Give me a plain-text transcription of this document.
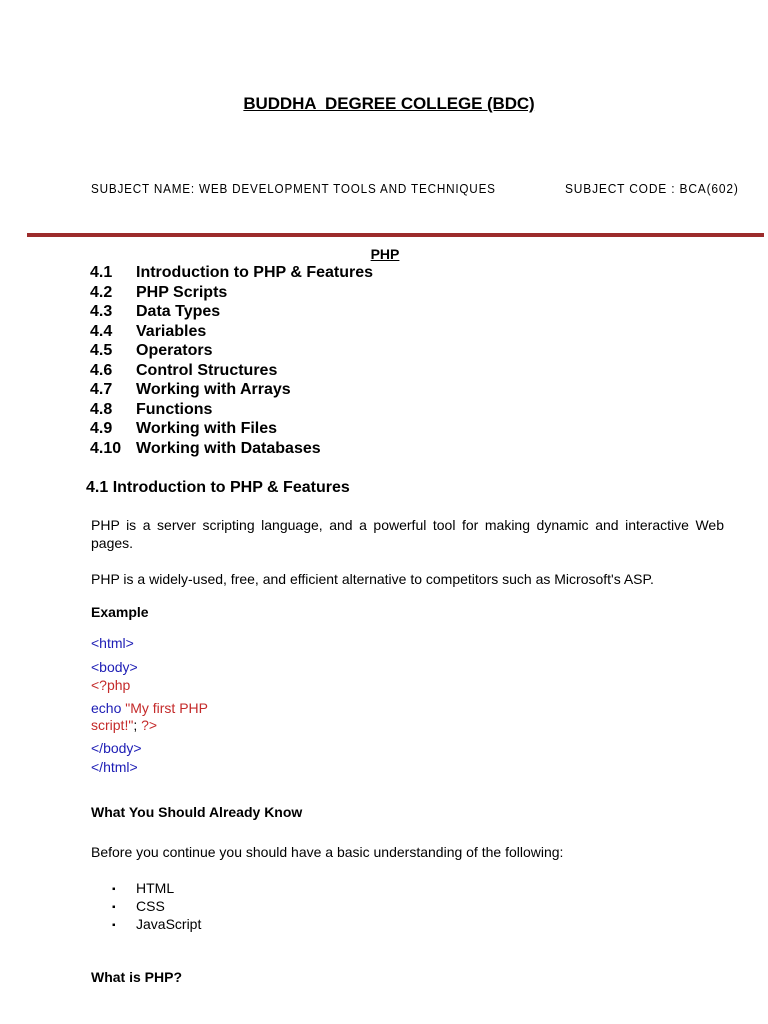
BUDDHA  DEGREE COLLEGE (BDC)
SUBJECT NAME: WEB DEVELOPMENT TOOLS AND TECHNIQUES	SUBJECT CODE : BCA(602)
PHP
4.1 Introduction to PHP & Features
4.2 PHP Scripts
4.3 Data Types
4.4 Variables
4.5 Operators
4.6 Control Structures
4.7 Working with Arrays
4.8 Functions
4.9 Working with Files
4.10 Working with Databases
4.1 Introduction to PHP & Features

PHP is a server scripting language, and a powerful tool for making dynamic and interactive Web pages.

PHP is a widely-used, free, and efficient alternative to competitors such as Microsoft's ASP.

Example
<html>
<body>
<?php
echo "My first PHP
script!"; ?>
</body>
</html>
What You Should Already Know
Before you continue you should have a basic understanding of the following:
▪ HTML
▪ CSS
▪ JavaScript
What is PHP?
